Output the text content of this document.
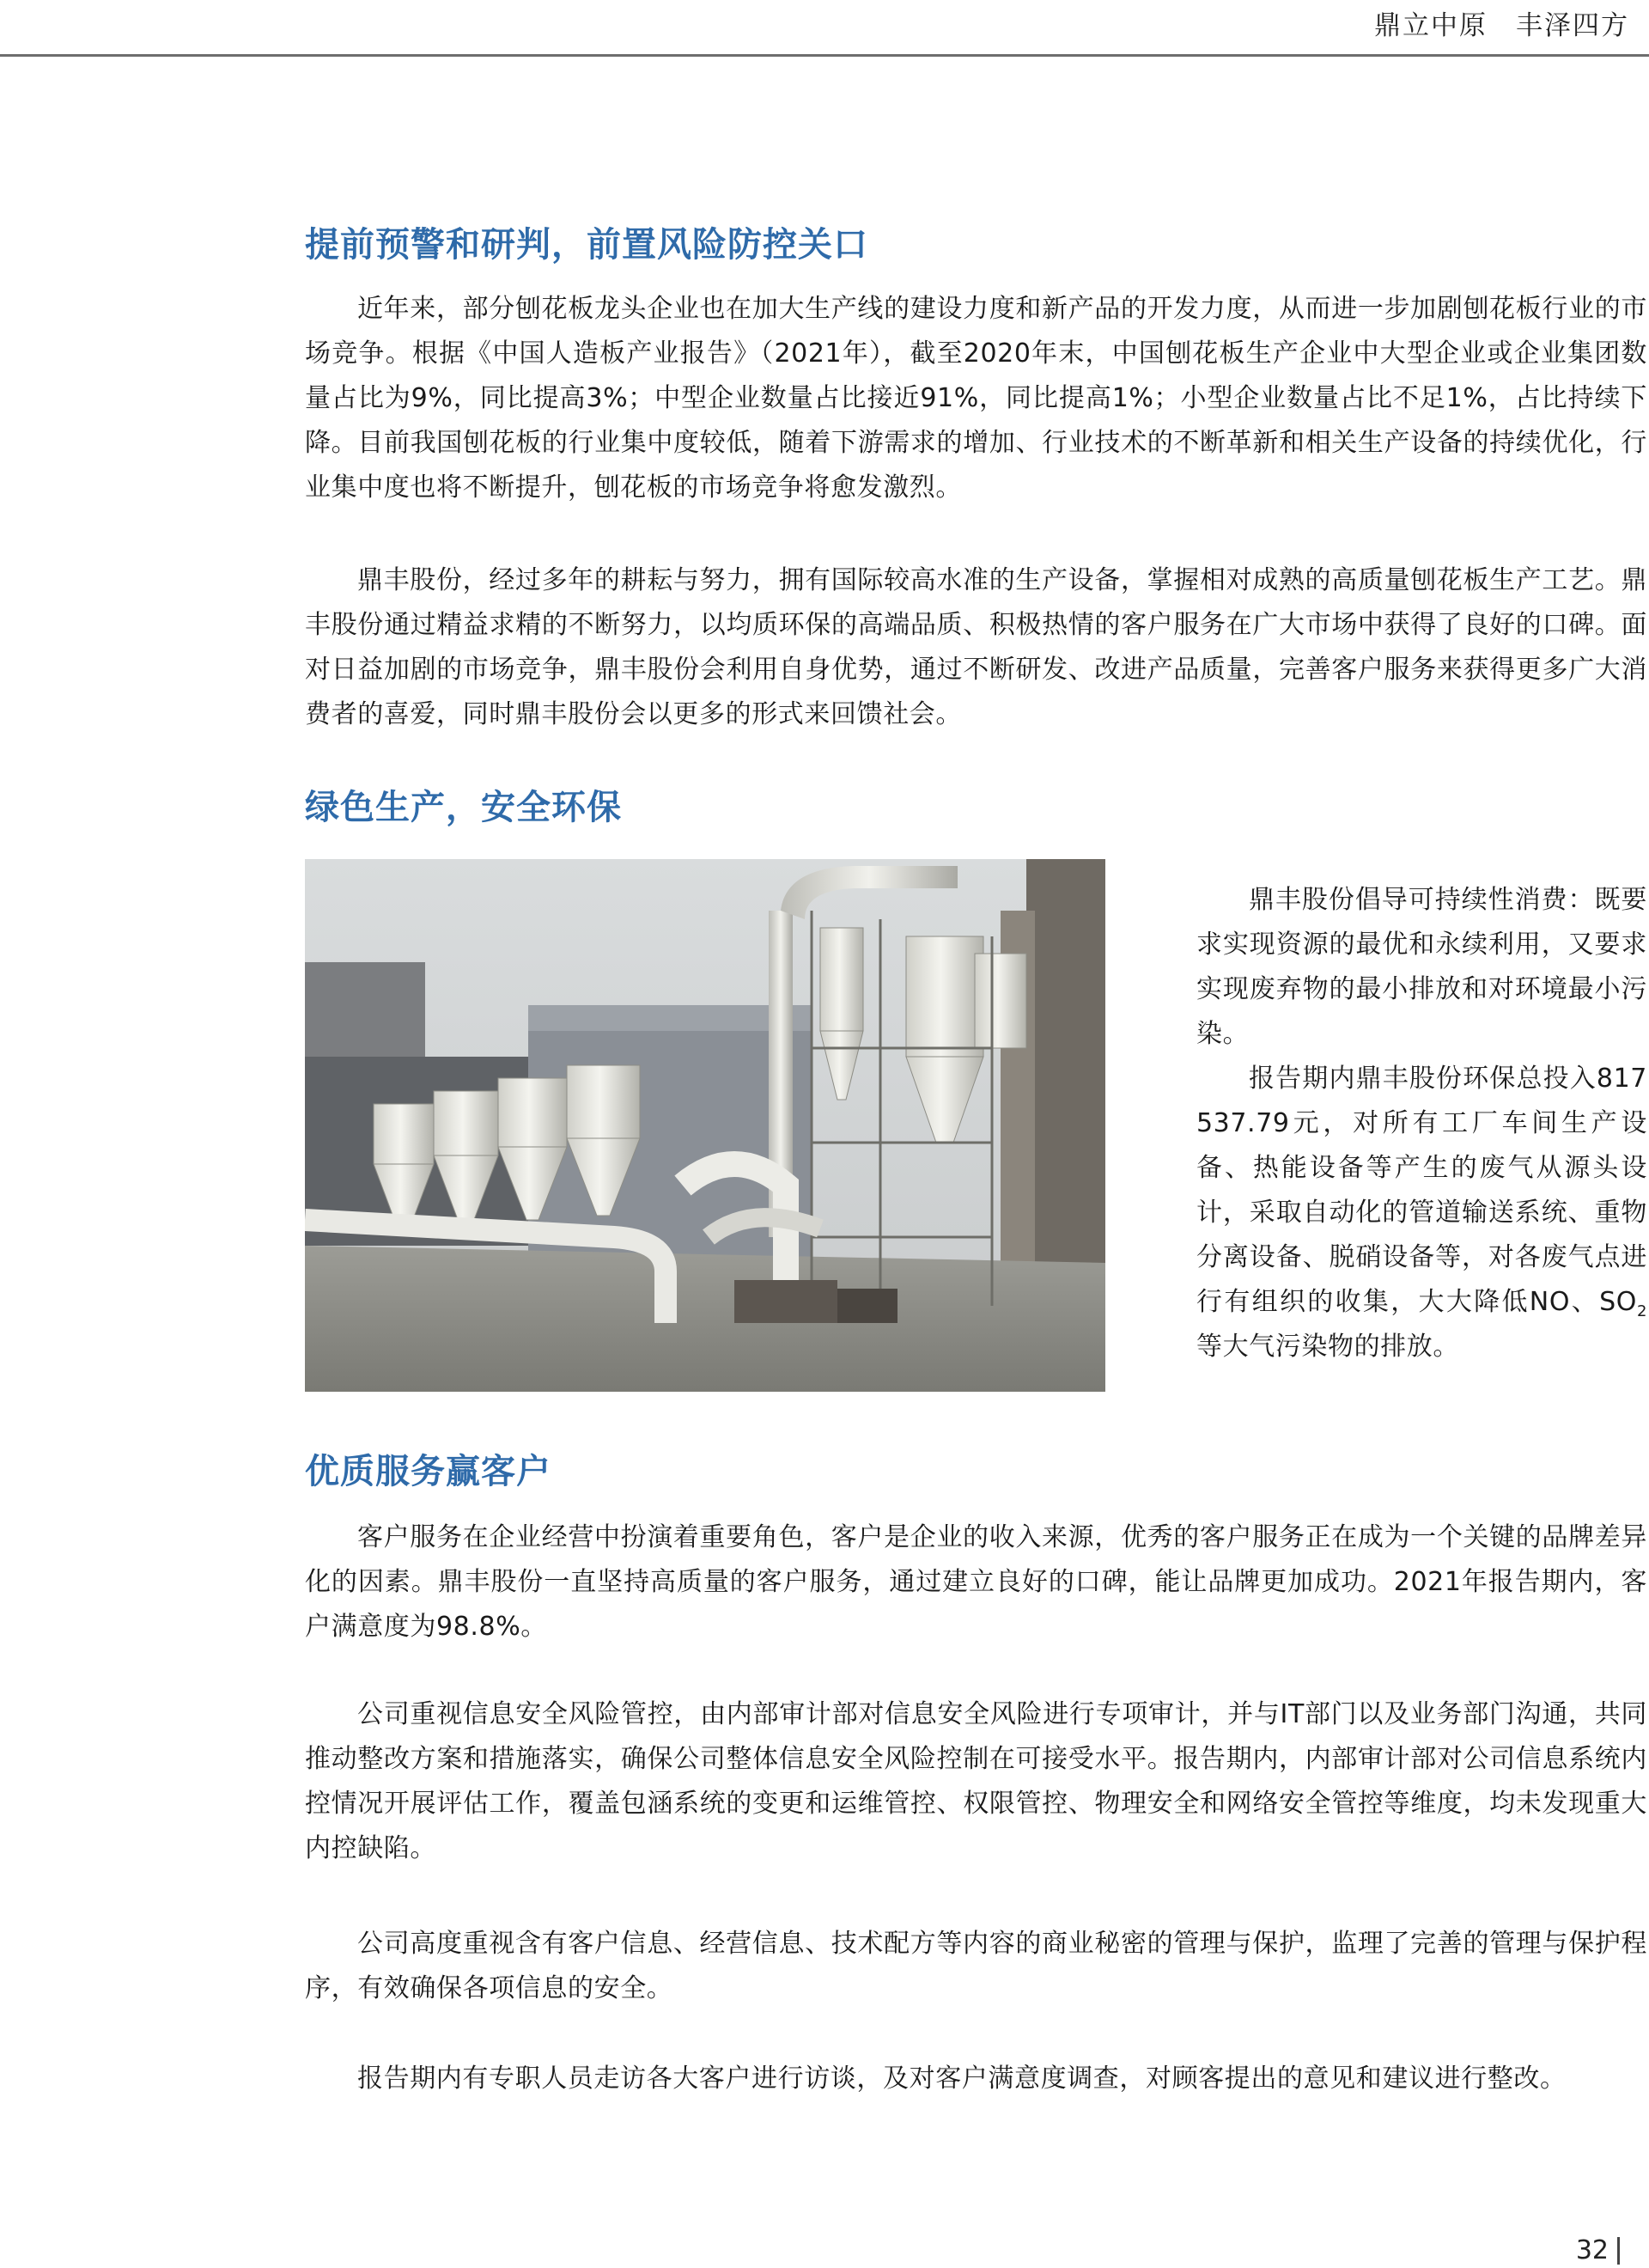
鼎立中原　丰泽四方
提前预警和研判，前置风险防控关口

近年来，部分刨花板龙头企业也在加大生产线的建设力度和新产品的开发力度，从而进一步加剧刨花板行业的市场竞争。根据《中国人造板产业报告》（2021年），截至2020年末，中国刨花板生产企业中大型企业或企业集团数量占比为9%，同比提高3%；中型企业数量占比接近91%，同比提高1%；小型企业数量占比不足1%，占比持续下降。目前我国刨花板的行业集中度较低，随着下游需求的增加、行业技术的不断革新和相关生产设备的持续优化，行业集中度也将不断提升，刨花板的市场竞争将愈发激烈。

鼎丰股份，经过多年的耕耘与努力，拥有国际较高水准的生产设备，掌握相对成熟的高质量刨花板生产工艺。鼎丰股份通过精益求精的不断努力，以均质环保的高端品质、积极热情的客户服务在广大市场中获得了良好的口碑。面对日益加剧的市场竞争，鼎丰股份会利用自身优势，通过不断研发、改进产品质量，完善客户服务来获得更多广大消费者的喜爱，同时鼎丰股份会以更多的形式来回馈社会。

绿色生产，安全环保

鼎丰股份倡导可持续性消费：既要求实现资源的最优和永续利用，又要求实现废弃物的最小排放和对环境最小污染。

报告期内鼎丰股份环保总投入817 537.79元，对所有工厂车间生产设备、热能设备等产生的废气从源头设计，采取自动化的管道输送系统、重物分离设备、脱硝设备等，对各废气点进行有组织的收集，大大降低NO、$SO_2$等大气污染物的排放。

优质服务赢客户

客户服务在企业经营中扮演着重要角色，客户是企业的收入来源，优秀的客户服务正在成为一个关键的品牌差异化的因素。鼎丰股份一直坚持高质量的客户服务，通过建立良好的口碑，能让品牌更加成功。2021年报告期内，客户满意度为98.8%。

公司重视信息安全风险管控，由内部审计部对信息安全风险进行专项审计，并与IT部门以及业务部门沟通，共同推动整改方案和措施落实，确保公司整体信息安全风险控制在可接受水平。报告期内，内部审计部对公司信息系统内控情况开展评估工作，覆盖包涵系统的变更和运维管控、权限管控、物理安全和网络安全管控等维度，均未发现重大内控缺陷。

公司高度重视含有客户信息、经营信息、技术配方等内容的商业秘密的管理与保护，监理了完善的管理与保护程序，有效确保各项信息的安全。

报告期内有专职人员走访各大客户进行访谈，及对客户满意度调查，对顾客提出的意见和建议进行整改。

32
